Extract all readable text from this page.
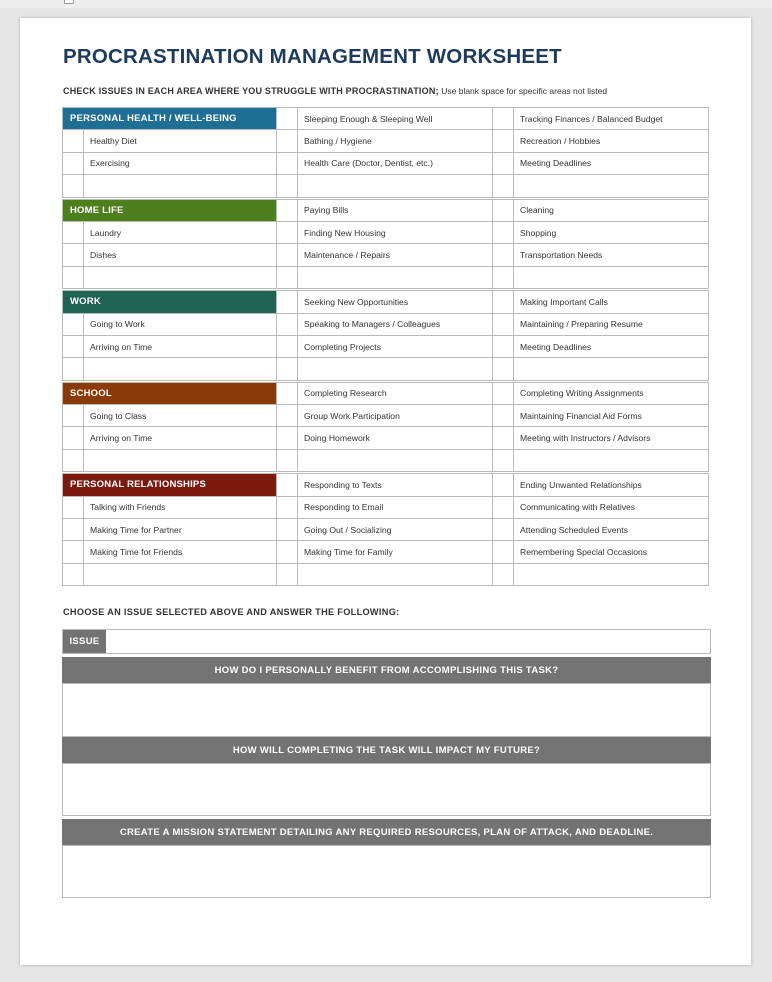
PROCRASTINATION MANAGEMENT WORKSHEET
CHECK ISSUES IN EACH AREA WHERE YOU STRUGGLE WITH PROCRASTINATION; Use blank space for specific areas not listed
PERSONAL HEALTH / WELL-BEING			Sleeping Enough & Sleeping Well		Tracking Finances / Balanced Budget
	Healthy Diet		Bathing / Hygiene		Recreation / Hobbies
	Exercising		Health Care (Doctor, Dentist, etc.)		Meeting Deadlines

HOME LIFE			Paying Bills		Cleaning
	Laundry		Finding New Housing		Shopping
	Dishes		Maintenance / Repairs		Transportation Needs

WORK			Seeking New Opportunities		Making Important Calls
	Going to Work		Speaking to Managers / Colleagues		Maintaining / Preparing Resume
	Arriving on Time		Completing Projects		Meeting Deadlines

SCHOOL			Completing Research		Completing Writing Assignments
	Going to Class		Group Work Participation		Maintaining Financial Aid Forms
	Arriving on Time		Doing Homework		Meeting with Instructors / Advisors

PERSONAL RELATIONSHIPS			Responding to Texts		Ending Unwanted Relationships
	Talking with Friends		Responding to Email		Communicating with Relatives
	Making Time for Partner		Going Out / Socializing		Attending Scheduled Events
	Making Time for Friends		Making Time for Family		Remembering Special Occasions

CHOOSE AN ISSUE SELECTED ABOVE AND ANSWER THE FOLLOWING:
ISSUE
HOW DO I PERSONALLY BENEFIT FROM ACCOMPLISHING THIS TASK?
HOW WILL COMPLETING THE TASK WILL IMPACT MY FUTURE?
CREATE A MISSION STATEMENT DETAILING ANY REQUIRED RESOURCES, PLAN OF ATTACK, AND DEADLINE.
